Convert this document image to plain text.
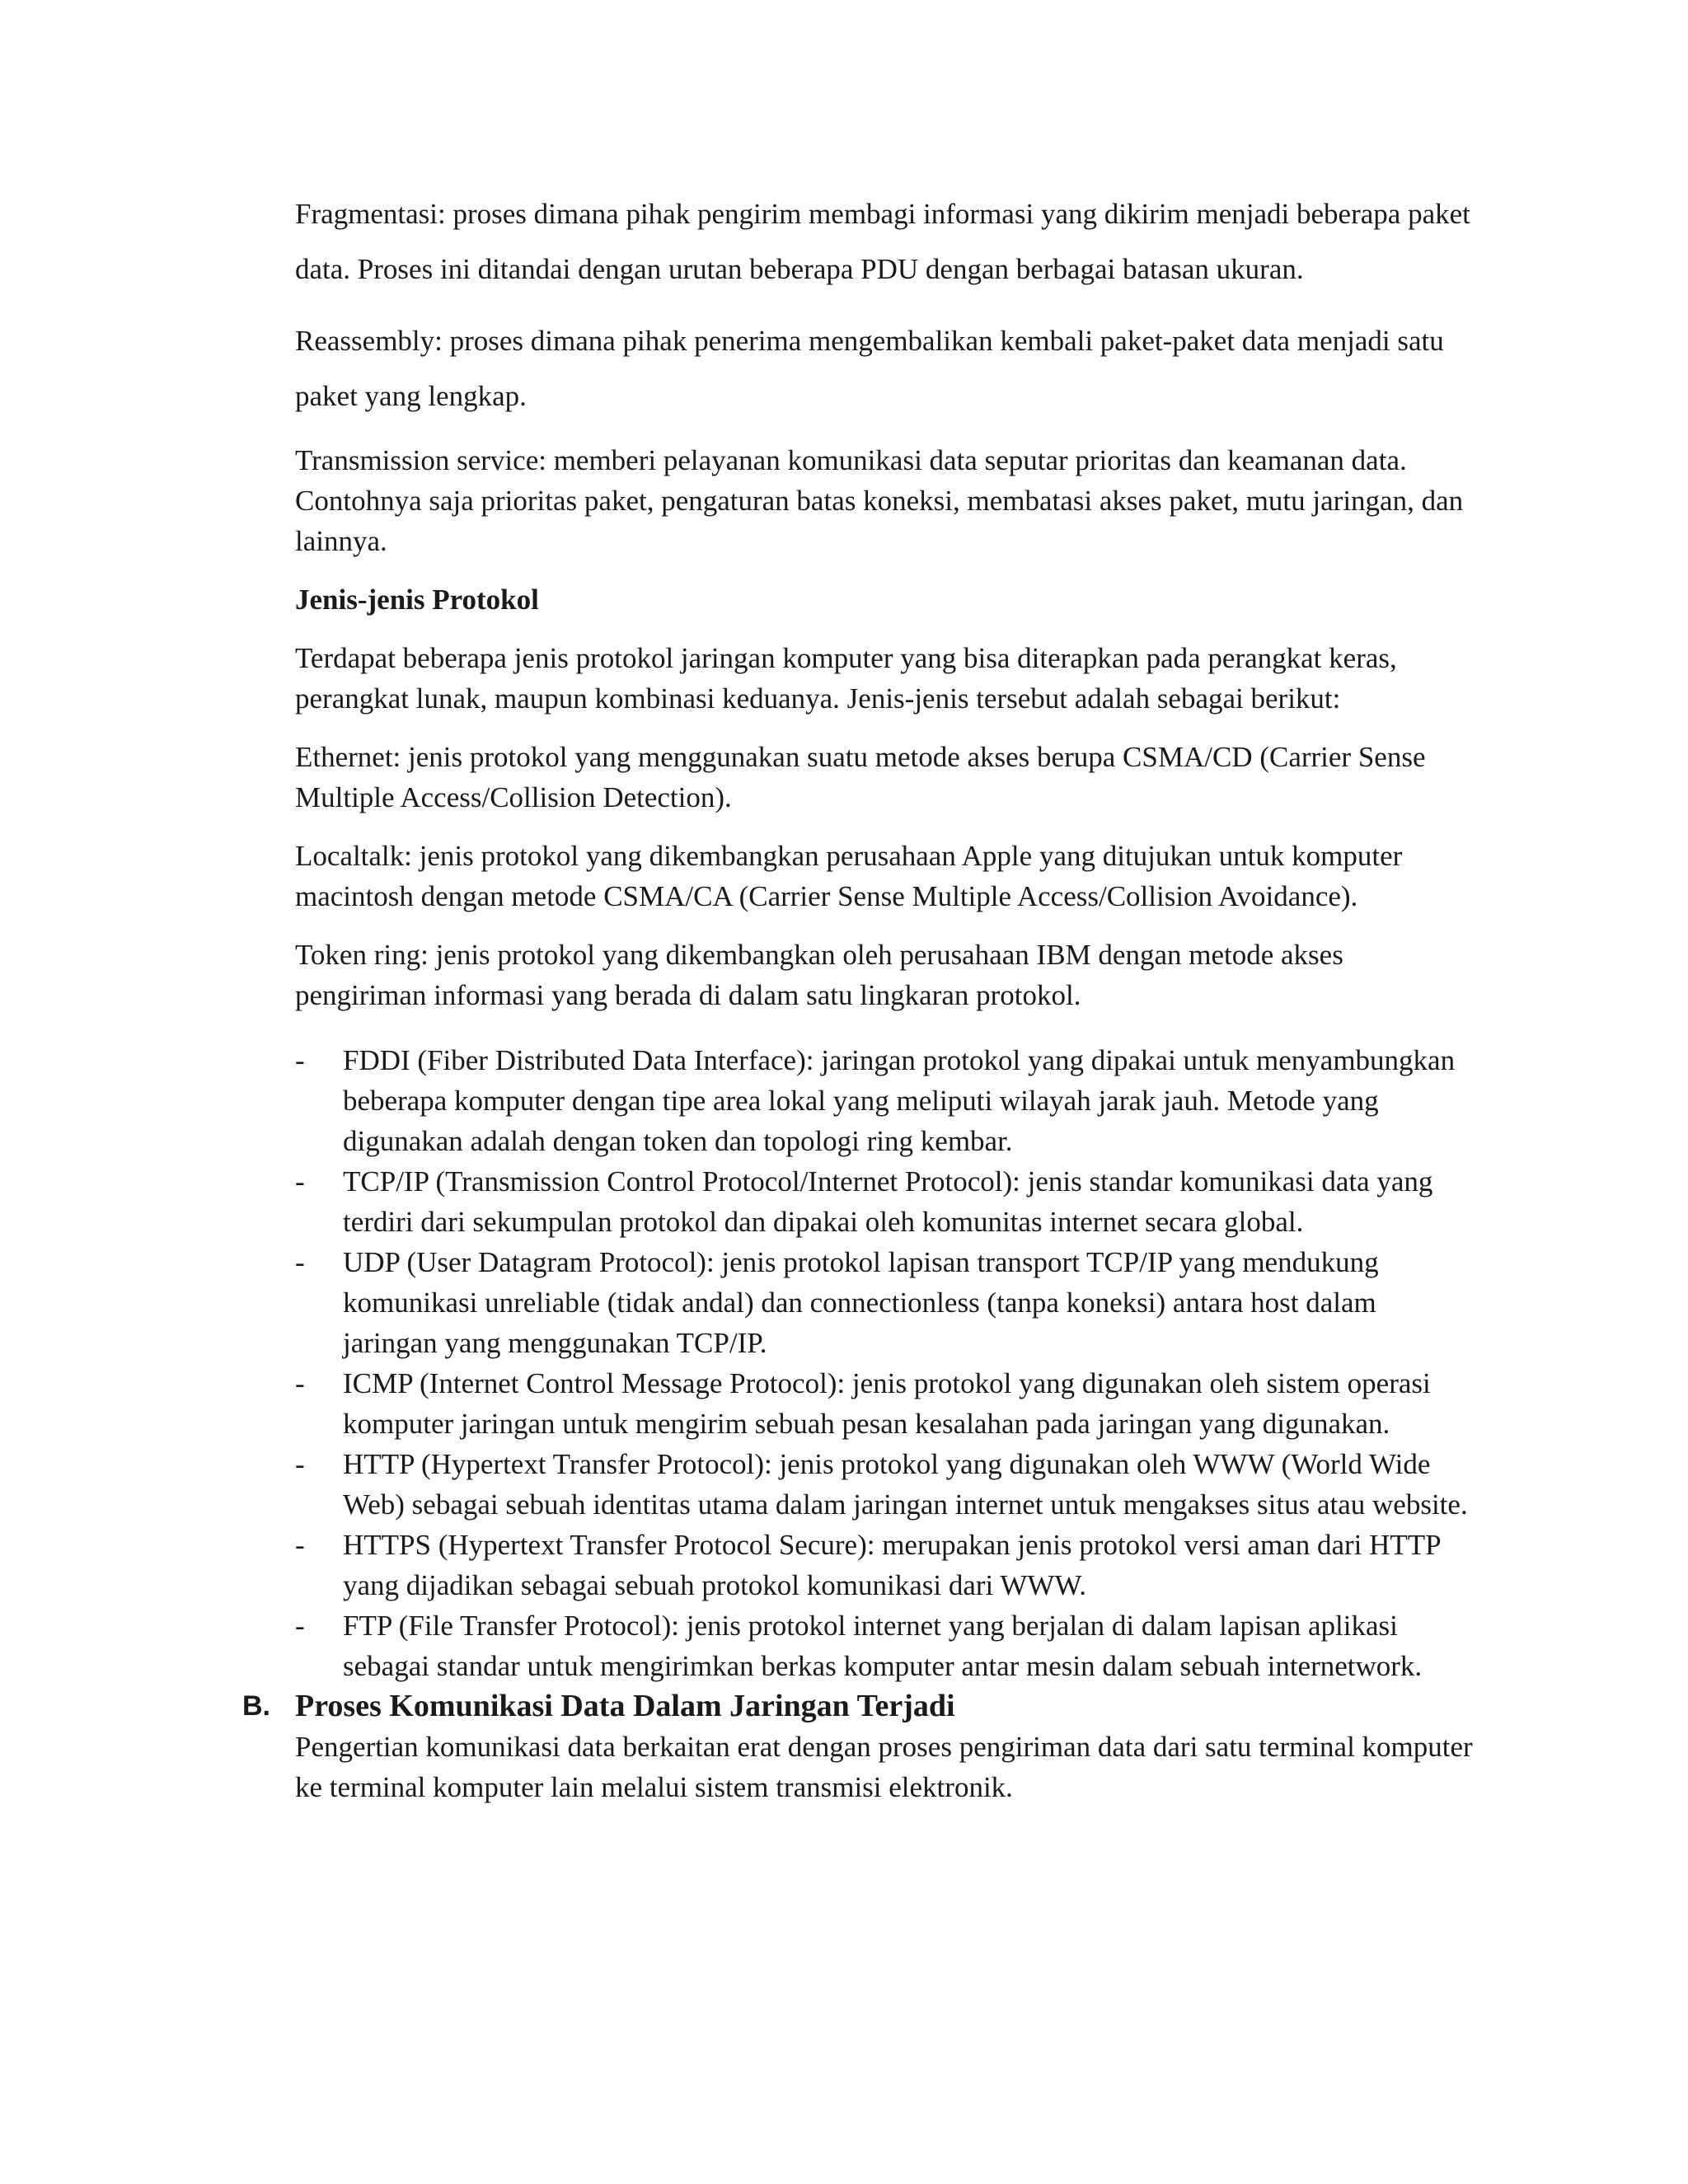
Fragmentasi: proses dimana pihak pengirim membagi informasi yang dikirim menjadi beberapa paket data. Proses ini ditandai dengan urutan beberapa PDU dengan berbagai batasan ukuran.

Reassembly: proses dimana pihak penerima mengembalikan kembali paket-paket data menjadi satu paket yang lengkap.

Transmission service: memberi pelayanan komunikasi data seputar prioritas dan keamanan data. Contohnya saja prioritas paket, pengaturan batas koneksi, membatasi akses paket, mutu jaringan, dan lainnya.

Jenis-jenis Protokol

Terdapat beberapa jenis protokol jaringan komputer yang bisa diterapkan pada perangkat keras, perangkat lunak, maupun kombinasi keduanya. Jenis-jenis tersebut adalah sebagai berikut:

Ethernet: jenis protokol yang menggunakan suatu metode akses berupa CSMA/CD (Carrier Sense Multiple Access/Collision Detection).

Localtalk: jenis protokol yang dikembangkan perusahaan Apple yang ditujukan untuk komputer macintosh dengan metode CSMA/CA (Carrier Sense Multiple Access/Collision Avoidance).

Token ring: jenis protokol yang dikembangkan oleh perusahaan IBM dengan metode akses pengiriman informasi yang berada di dalam satu lingkaran protokol.

- FDDI (Fiber Distributed Data Interface): jaringan protokol yang dipakai untuk menyambungkan beberapa komputer dengan tipe area lokal yang meliputi wilayah jarak jauh. Metode yang digunakan adalah dengan token dan topologi ring kembar.
- TCP/IP (Transmission Control Protocol/Internet Protocol): jenis standar komunikasi data yang terdiri dari sekumpulan protokol dan dipakai oleh komunitas internet secara global.
- UDP (User Datagram Protocol): jenis protokol lapisan transport TCP/IP yang mendukung komunikasi unreliable (tidak andal) dan connectionless (tanpa koneksi) antara host dalam jaringan yang menggunakan TCP/IP.
- ICMP (Internet Control Message Protocol): jenis protokol yang digunakan oleh sistem operasi komputer jaringan untuk mengirim sebuah pesan kesalahan pada jaringan yang digunakan.
- HTTP (Hypertext Transfer Protocol): jenis protokol yang digunakan oleh WWW (World Wide Web) sebagai sebuah identitas utama dalam jaringan internet untuk mengakses situs atau website.
- HTTPS (Hypertext Transfer Protocol Secure): merupakan jenis protokol versi aman dari HTTP yang dijadikan sebagai sebuah protokol komunikasi dari WWW.
- FTP (File Transfer Protocol): jenis protokol internet yang berjalan di dalam lapisan aplikasi sebagai standar untuk mengirimkan berkas komputer antar mesin dalam sebuah internetwork.

B. Proses Komunikasi Data Dalam Jaringan Terjadi

Pengertian komunikasi data berkaitan erat dengan proses pengiriman data dari satu terminal komputer ke terminal komputer lain melalui sistem transmisi elektronik.
